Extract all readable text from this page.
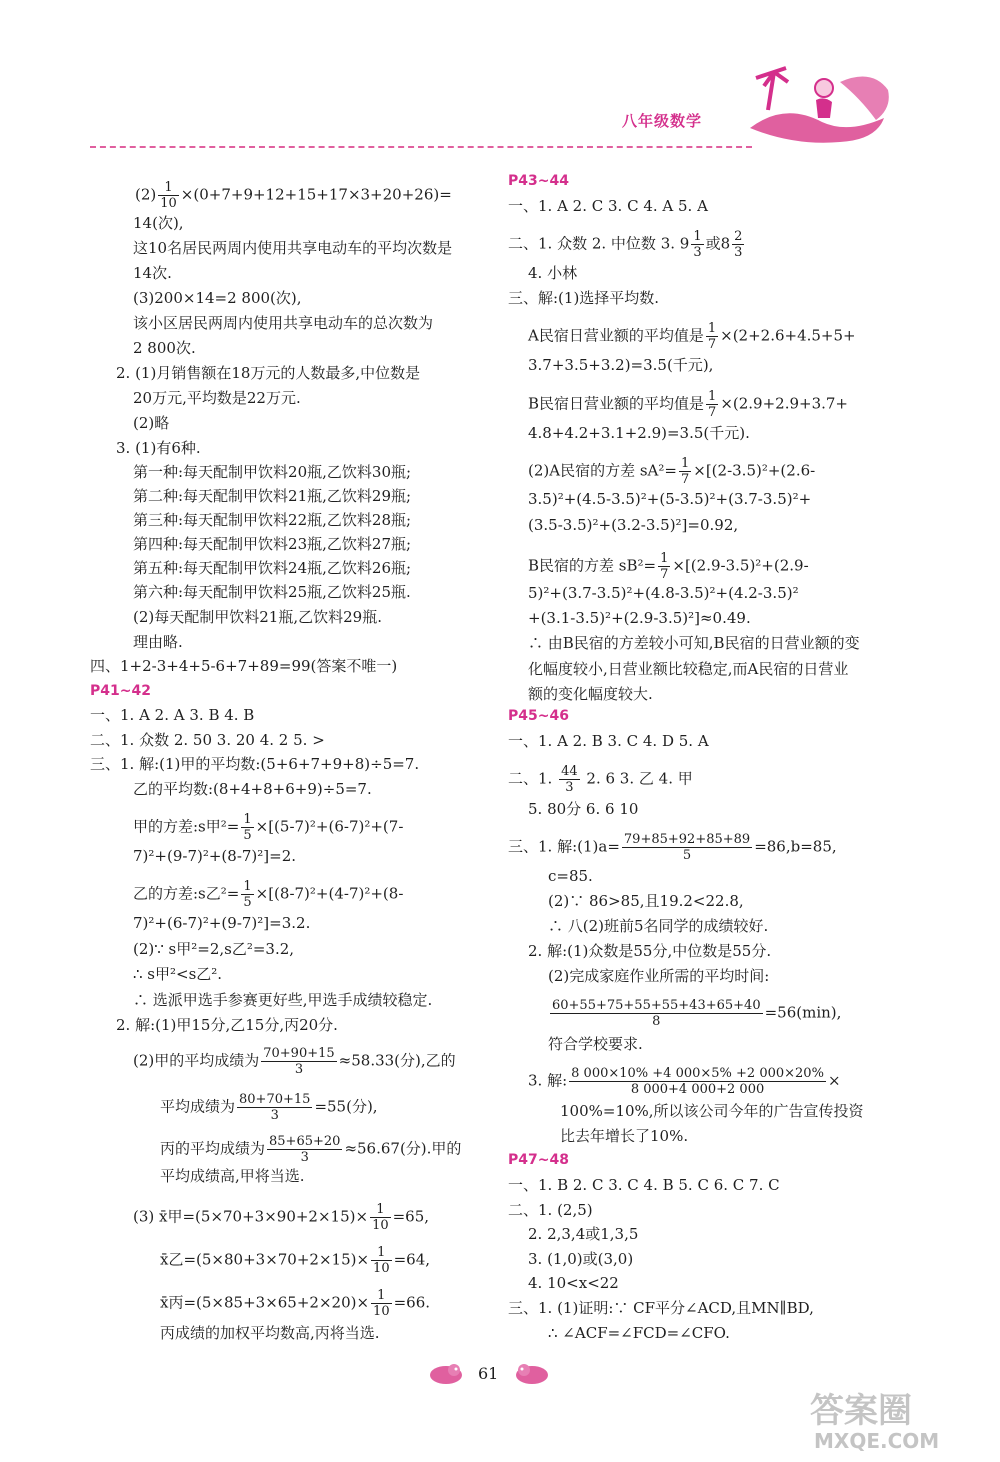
八年级数学
$(2) \frac{1}{10} \times(0+7+9+12+15+17\times 3+20+26)=$
14(次),
这10名居民两周内使用共享电动车的平均次数是
14次.
(3)200×14=2 800(次),
该小区居民两周内使用共享电动车的总次数为
2 800次.
2. (1)月销售额在18万元的人数最多,中位数是
20万元,平均数是22万元.
(2)略
3. (1)有6种.
第一种:每天配制甲饮料20瓶,乙饮料30瓶;
第二种:每天配制甲饮料21瓶,乙饮料29瓶;
第三种:每天配制甲饮料22瓶,乙饮料28瓶;
第四种:每天配制甲饮料23瓶,乙饮料27瓶;
第五种:每天配制甲饮料24瓶,乙饮料26瓶;
第六种:每天配制甲饮料25瓶,乙饮料25瓶.
(2)每天配制甲饮料21瓶,乙饮料29瓶.
理由略.
四、1+2-3+4+5-6+7+89=99(答案不唯一)
P41~42
一、1. A 2. A 3. B 4. B
二、1. 众数 2. 50 3. 20 4. 2 5. >
三、1. 解:(1)甲的平均数:(5+6+7+9+8)÷5=7.
乙的平均数:(8+4+8+6+9)÷5=7.
甲的方差:s甲$^2= \frac{1}{5} \times[(5-7)^2+(6-7)^2+(7-$
7)²+(9-7)²+(8-7)²]=2.
乙的方差:s乙$^2= \frac{1}{5} \times[(8-7)^2+(4-7)^2+(8-$
7)²+(6-7)²+(9-7)²]=3.2.
(2)∵ s甲²=2,s乙²=3.2,
∴ s甲²<s乙².
∴ 选派甲选手参赛更好些,甲选手成绩较稳定.
2. 解:(1)甲15分,乙15分,丙20分.
(2)甲的平均成绩为 $\frac{70+90+15}{3} \approx 58.33$(分),乙的
平均成绩为 $\frac{80+70+15}{3} =55$(分),
丙的平均成绩为 $\frac{85+65+20}{3} \approx 56.67$(分).甲的
平均成绩高,甲将当选.
(3) x̄甲$=(5\times 70+3\times 90+2\times 15)\times \frac{1}{10} =65$,
x̄乙$=(5\times 80+3\times 70+2\times 15)\times \frac{1}{10} =64$,
x̄丙$=(5\times 85+3\times 65+2\times 20)\times \frac{1}{10} =66$.
丙成绩的加权平均数高,丙将当选.
P43~44
一、1. A 2. C 3. C 4. A 5. A
二、1. 众数 2. 中位数 3. $9 \frac{1}{3}$ 或$8 \frac{2}{3}$
4. 小林
三、解:(1)选择平均数.
A民宿日营业额的平均值是 $\frac{1}{7} \times(2+2.6+4.5+5+$
3.7+3.5+3.2)=3.5(千元),
B民宿日营业额的平均值是 $\frac{1}{7} \times(2.9+2.9+3.7+$
4.8+4.2+3.1+2.9)=3.5(千元).
(2)A民宿的方差 $sA^2= \frac{1}{7} \times[(2-3.5)^2+(2.6-$
3.5)²+(4.5-3.5)²+(5-3.5)²+(3.7-3.5)²+
(3.5-3.5)²+(3.2-3.5)²]=0.92,
B民宿的方差 $sB^2= \frac{1}{7} \times[(2.9-3.5)^2+(2.9-$
5)²+(3.7-3.5)²+(4.8-3.5)²+(4.2-3.5)²
+(3.1-3.5)²+(2.9-3.5)²]≈0.49.
∴ 由B民宿的方差较小可知,B民宿的日营业额的变
化幅度较小,日营业额比较稳定,而A民宿的日营业
额的变化幅度较大.
P45~46
一、1. A 2. B 3. C 4. D 5. A
二、1. $\frac{44}{3} 2$. 6 3. 乙 4. 甲
5. 80分 6. 6 10
三、1. 解:(1)a= $\frac{79+85+92+85+89}{5} =86,b=85$,
c=85.
(2)∵ 86>85,且19.2<22.8,
∴ 八(2)班前5名同学的成绩较好.
2. 解:(1)众数是55分,中位数是55分.
(2)完成家庭作业所需的平均时间:
$\frac{60+55+75+55+55+43+65+40}{8} =56(\min)$,
符合学校要求.
3. 解: $\frac{8 000\times 10\% +4 000\times 5\% +2 000\times 20\%}{8 000+4 000+2 000}$ ×
100%=10%,所以该公司今年的广告宣传投资
比去年增长了10%.
P47~48
一、1. B 2. C 3. C 4. B 5. C 6. C 7. C
二、1. (2,5)
2. 2,3,4或1,3,5
3. (1,0)或(3,0)
4. 10<x<22
三、1. (1)证明:∵ CF平分∠ACD,且MN∥BD,
∴ ∠ACF=∠FCD=∠CFO.
61
答案圈
MXQE.COM
